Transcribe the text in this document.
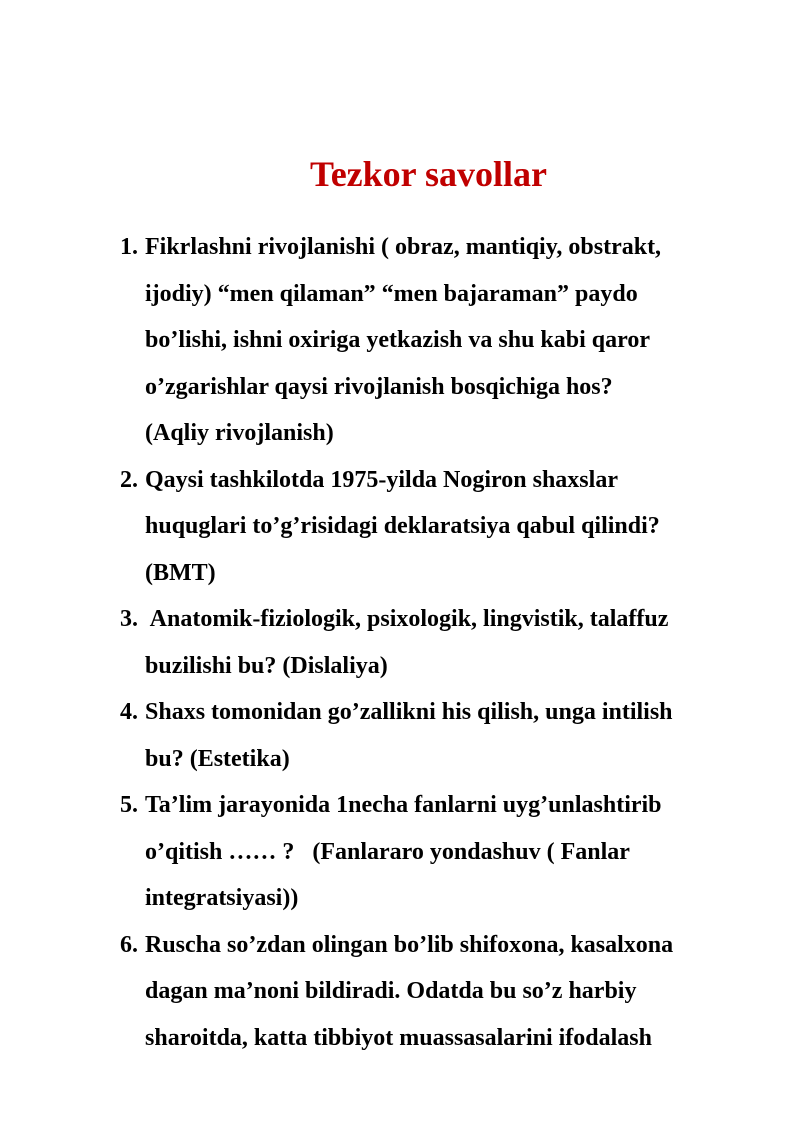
Tezkor savollar
1. Fikrlashni rivojlanishi ( obraz, mantiqiy, obstrakt,
ijodiy) “men qilaman” “men bajaraman” paydo
bo’lishi, ishni oxiriga yetkazish va shu kabi qaror
o’zgarishlar qaysi rivojlanish bosqichiga hos?
(Aqliy rivojlanish)
2. Qaysi tashkilotda 1975-yilda Nogiron shaxslar
huquglari to’g’risidagi deklaratsiya qabul qilindi?
(BMT)
3. Anatomik-fiziologik, psixologik, lingvistik, talaffuz
buzilishi bu? (Dislaliya)
4. Shaxs tomonidan go’zallikni his qilish, unga intilish
bu? (Estetika)
5. Ta’lim jarayonida 1necha fanlarni uyg’unlashtirib
o’qitish …… ?   (Fanlararo yondashuv ( Fanlar
integratsiyasi))
6. Ruscha so’zdan olingan bo’lib shifoxona, kasalxona
dagan ma’noni bildiradi. Odatda bu so’z harbiy
sharoitda, katta tibbiyot muassasalarini ifodalash
